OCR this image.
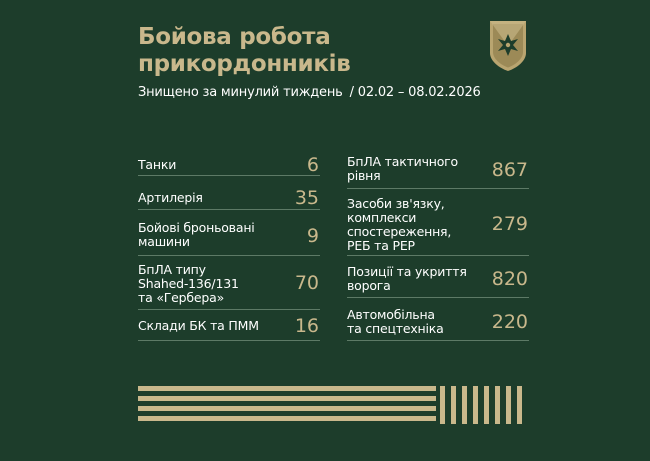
Бойова робота
прикордонників
Знищено за минулий тиждень / 02.02 – 08.02.2026
Танки	6
Артилерія	35
Бойові броньовані
машини	9
БпЛА типу
Shahed-136/131
та «Гербера»
70
Склади БК та ПММ 16
БпЛА тактичного
рівня	867
Засоби зв'язку,
комплекси
спостереження,
РЕБ та РЕР
279
Позиції та укриття
ворога	820
Автомобільна
та спецтехніка	220
